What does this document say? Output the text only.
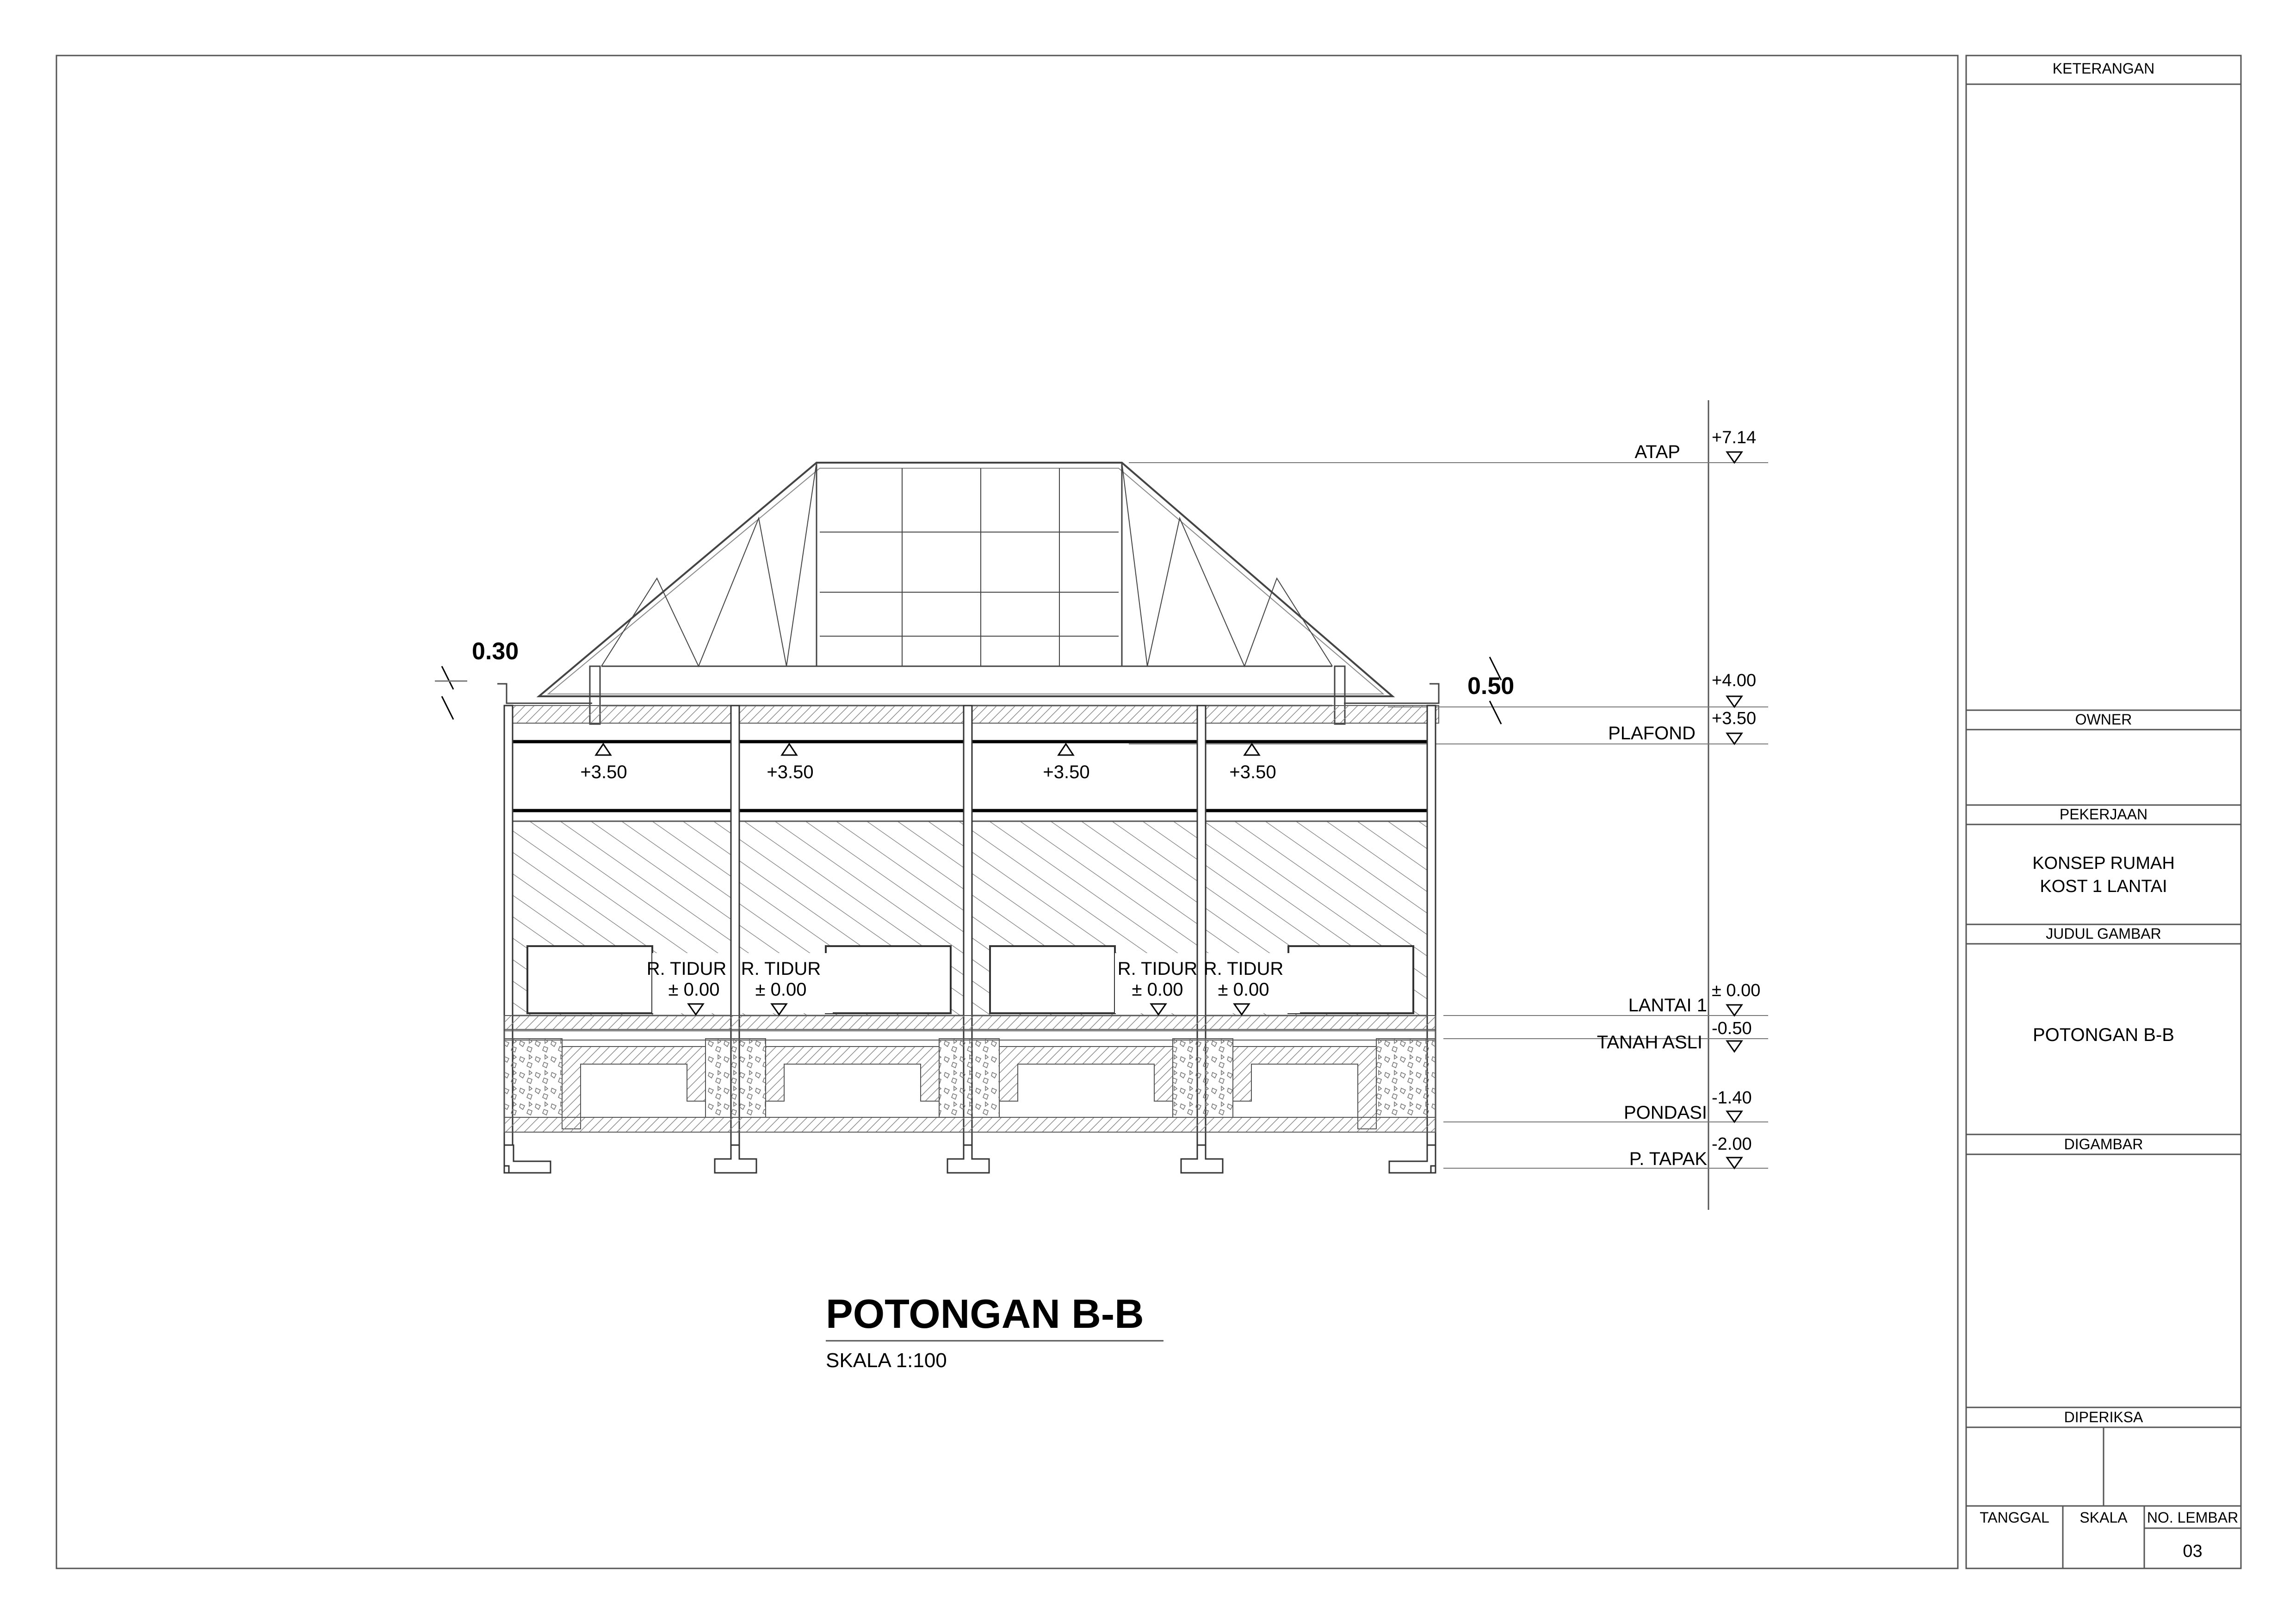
ATAP
+7.14
+4.00
PLAFOND
+3.50
LANTAI 1
± 0.00
TANAH ASLI
-0.50
PONDASI
-1.40
P. TAPAK
-2.00
0.30
0.50
+3.50	+3.50	+3.50	+3.50
R. TIDUR
± 0.00
R. TIDUR
± 0.00
R. TIDUR
± 0.00
R. TIDUR
± 0.00
POTONGAN B-B
SKALA 1:100
KETERANGAN
OWNER
PEKERJAAN
KONSEP RUMAH
KOST 1 LANTAI
JUDUL GAMBAR
POTONGAN B-B
DIGAMBAR
DIPERIKSA
TANGGAL	SKALA	NO. LEMBAR
03
